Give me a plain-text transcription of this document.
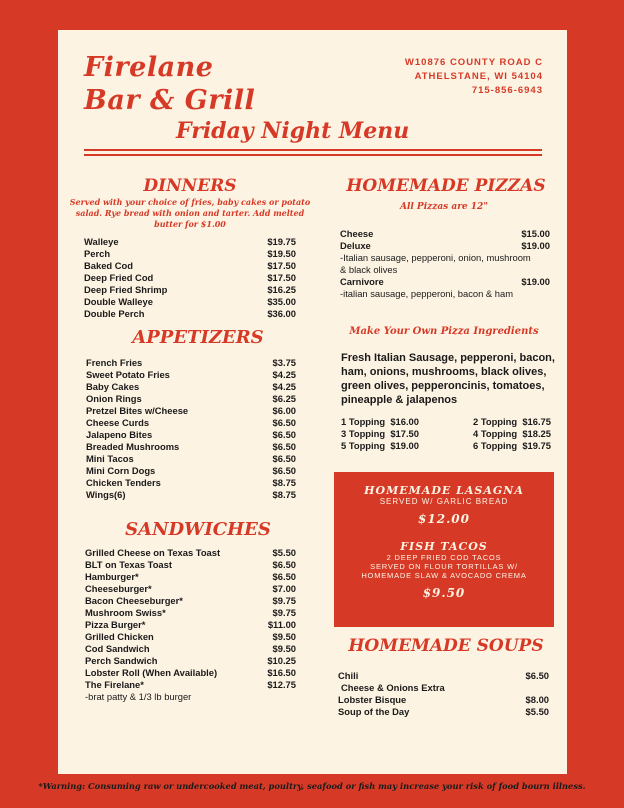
Firelane
Bar & Grill
Friday Night Menu
W10876 COUNTY ROAD C
ATHELSTANE, WI 54104
715-856-6943
DINNERS
Served with your choice of fries, baby cakes or potato salad. Rye bread with onion and tarter. Add melted butter for $1.00
Walleye	$19.75
Perch	$19.50
Baked Cod	$17.50
Deep Fried Cod	$17.50
Deep Fried Shrimp	$16.25
Double Walleye	$35.00
Double Perch	$36.00
APPETIZERS
French Fries	$3.75
Sweet Potato Fries	$4.25
Baby Cakes	$4.25
Onion Rings	$6.25
Pretzel Bites w/Cheese	$6.00
Cheese Curds	$6.50
Jalapeno Bites	$6.50
Breaded Mushrooms	$6.50
Mini Tacos	$6.50
Mini Corn Dogs	$6.50
Chicken Tenders	$8.75
Wings(6)	$8.75
SANDWICHES
Grilled Cheese on Texas Toast	$5.50
BLT on Texas Toast	$6.50
Hamburger*	$6.50
Cheeseburger*	$7.00
Bacon Cheeseburger*	$9.75
Mushroom Swiss*	$9.75
Pizza Burger*	$11.00
Grilled Chicken	$9.50
Cod Sandwich	$9.50
Perch Sandwich	$10.25
Lobster Roll (When Available)	$16.50
The Firelane*	$12.75
-brat patty & 1/3 lb burger
HOMEMADE PIZZAS
All Pizzas are 12"
Cheese	$15.00
Deluxe	$19.00
-Italian sausage, pepperoni, onion, mushroom
& black olives
Carnivore	$19.00
-italian sausage, pepperoni, bacon & ham
Make Your Own Pizza Ingredients
Fresh Italian Sausage, pepperoni, bacon,
ham, onions, mushrooms, black olives,
green olives, pepperoncinis, tomatoes,
pineapple & jalapenos
1 Topping $16.00	2 Topping $16.75
3 Topping $17.50	4 Topping $18.25
5 Topping $19.00	6 Topping $19.75
HOMEMADE LASAGNA
SERVED W/ GARLIC BREAD
$12.00
FISH TACOS
2 DEEP FRIED COD TACOS
SERVED ON FLOUR TORTILLAS W/
HOMEMADE SLAW & AVOCADO CREMA
$9.50
HOMEMADE SOUPS
Chili	$6.50
Cheese & Onions Extra
Lobster Bisque	$8.00
Soup of the Day	$5.50
*Warning: Consuming raw or undercooked meat, poultry, seafood or fish may increase your risk of food bourn illness.
